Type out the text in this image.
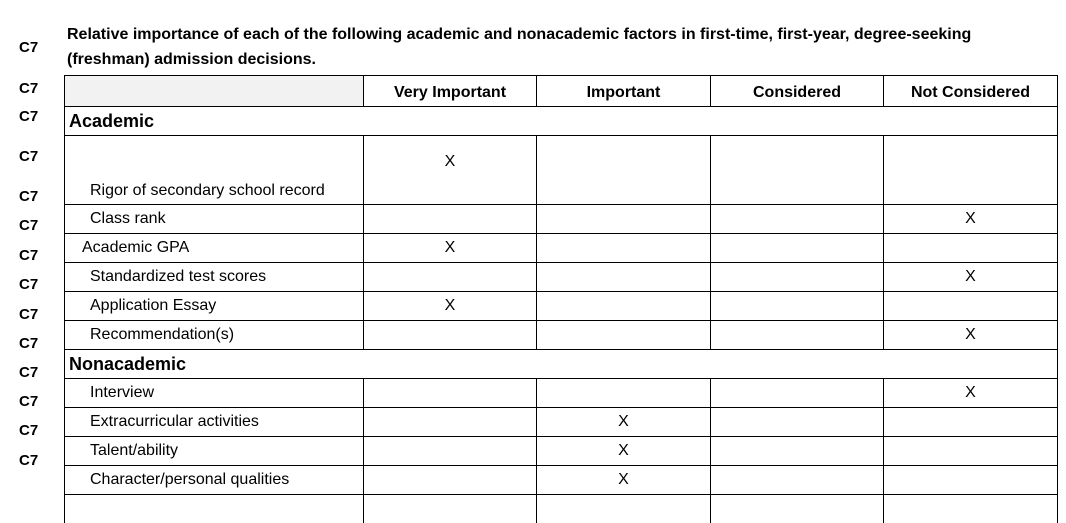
C7
C7
C7
C7
C7
C7
C7
C7
C7
C7
C7
C7
C7
C7
Relative importance of each of the following academic and nonacademic factors in first-time, first-year, degree-seeking (freshman) admission decisions.
	Very Important	Important	Considered	Not Considered
Academic				
Rigor of secondary school record	X			
Class rank				X
Academic GPA	X			
Standardized test scores				X
Application Essay	X			
Recommendation(s)				X
Nonacademic				
Interview				X
Extracurricular activities		X		
Talent/ability		X		
Character/personal qualities		X		
